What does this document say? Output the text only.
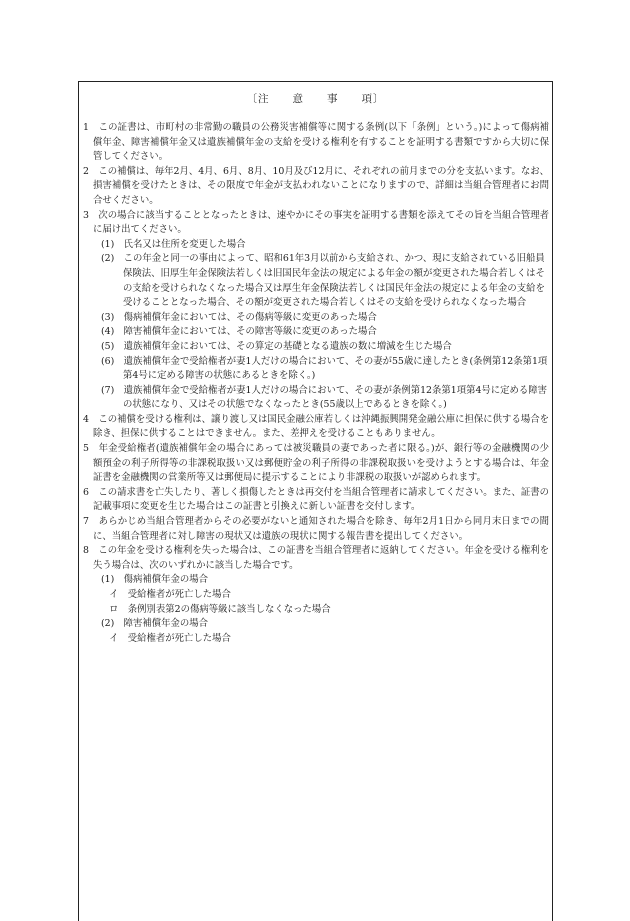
〔注　　意　　事　　項〕

1　 この証書は、市町村の非常勤の職員の公務災害補償等に関する条例(以下「条例」という。)によって傷病補償年金、障害補償年金又は遺族補償年金の支給を受ける権利を有することを証明する書類ですから大切に保管してください。

2　 この補償は、毎年2月、4月、6月、8月、10月及び12月に、それぞれの前月までの分を支払います。なお、損害補償を受けたときは、その限度で年金が支払われないことになりますので、詳細は当組合管理者にお問合せください。

3　 次の場合に該当することとなったときは、速やかにその事実を証明する書類を添えてその旨を当組合管理者に届け出てください。

(1)　 氏名又は住所を変更した場合

(2)　 この年金と同一の事由によって、昭和61年3月以前から支給され、かつ、現に支給されている旧船員保険法、旧厚生年金保険法若しくは旧国民年金法の規定による年金の額が変更された場合若しくはその支給を受けられなくなった場合又は厚生年金保険法若しくは国民年金法の規定による年金の支給を受けることとなった場合、その額が変更された場合若しくはその支給を受けられなくなった場合

(3)　 傷病補償年金においては、その傷病等級に変更のあった場合

(4)　 障害補償年金においては、その障害等級に変更のあった場合

(5)　 遺族補償年金においては、その算定の基礎となる遺族の数に増減を生じた場合

(6)　 遺族補償年金で受給権者が妻1人だけの場合において、その妻が55歳に達したとき(条例第12条第1項第4号に定める障害の状態にあるときを除く。)

(7)　 遺族補償年金で受給権者が妻1人だけの場合において、その妻が条例第12条第1項第4号に定める障害の状態になり、又はその状態でなくなったとき(55歳以上であるときを除く。)

4　 この補償を受ける権利は、譲り渡し又は国民金融公庫若しくは沖縄振興開発金融公庫に担保に供する場合を除き、担保に供することはできません。また、差押えを受けることもありません。

5　 年金受給権者(遺族補償年金の場合にあっては被災職員の妻であった者に限る。)が、銀行等の金融機関の少額預金の利子所得等の非課税取扱い又は郵便貯金の利子所得の非課税取扱いを受けようとする場合は、年金証書を金融機関の営業所等又は郵便局に提示することにより非課税の取扱いが認められます。

6　 この請求書を亡失したり、著しく損傷したときは再交付を当組合管理者に請求してください。また、証書の記載事項に変更を生じた場合はこの証書と引換えに新しい証書を交付します。

7　 あらかじめ当組合管理者からその必要がないと通知された場合を除き、毎年2月1日から同月末日までの間に、当組合管理者に対し障害の現状又は遺族の現状に関する報告書を提出してください。

8　 この年金を受ける権利を失った場合は、この証書を当組合管理者に返納してください。年金を受ける権利を失う場合は、次のいずれかに該当した場合です。

(1)　 傷病補償年金の場合

イ　 受給権者が死亡した場合

ロ　 条例別表第2の傷病等級に該当しなくなった場合

(2)　 障害補償年金の場合

イ　 受給権者が死亡した場合
